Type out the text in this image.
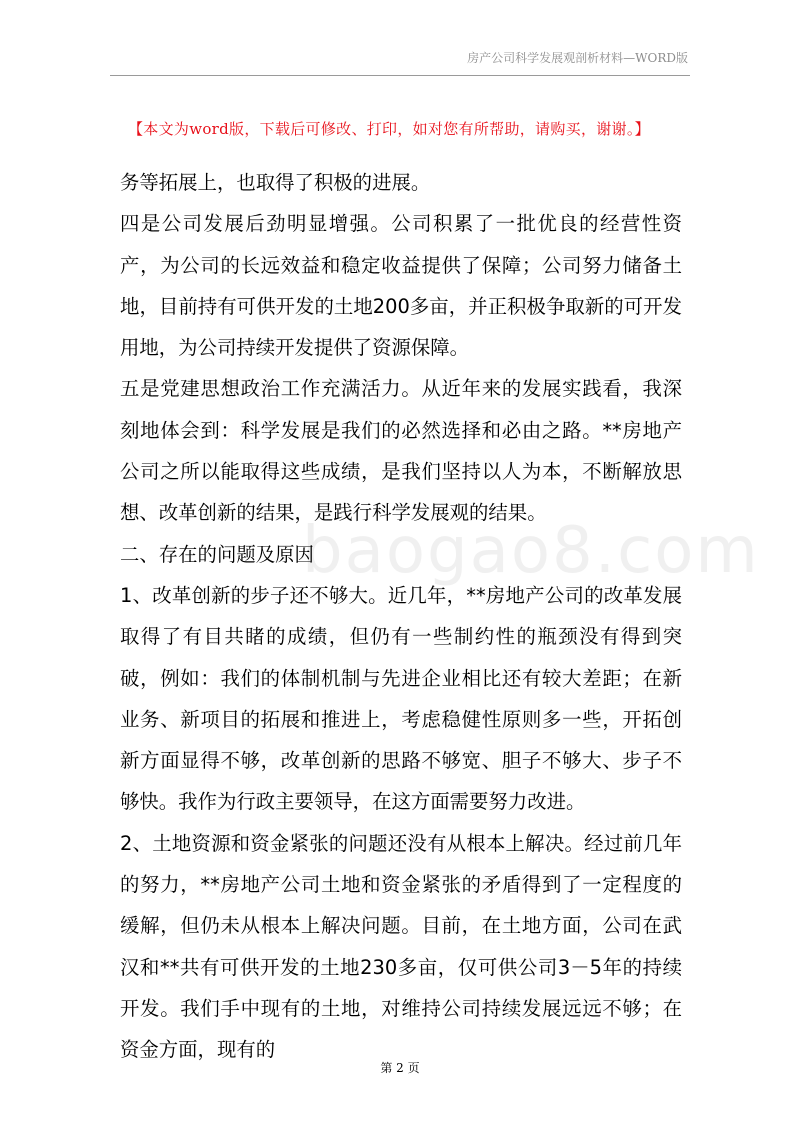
房产公司科学发展观剖析材料—WORD版
【本文为word版，下载后可修改、打印，如对您有所帮助，请购买，谢谢。】
baogao8.com

务等拓展上，也取得了积极的进展。

四是公司发展后劲明显增强。公司积累了一批优良的经营性资产，为公司的长远效益和稳定收益提供了保障；公司努力储备土地，目前持有可供开发的土地200多亩，并正积极争取新的可开发用地，为公司持续开发提供了资源保障。

五是党建思想政治工作充满活力。从近年来的发展实践看，我深刻地体会到：科学发展是我们的必然选择和必由之路。**房地产公司之所以能取得这些成绩，是我们坚持以人为本，不断解放思想、改革创新的结果，是践行科学发展观的结果。

二、存在的问题及原因

1、改革创新的步子还不够大。近几年，**房地产公司的改革发展取得了有目共睹的成绩，但仍有一些制约性的瓶颈没有得到突破，例如：我们的体制机制与先进企业相比还有较大差距；在新业务、新项目的拓展和推进上，考虑稳健性原则多一些，开拓创新方面显得不够，改革创新的思路不够宽、胆子不够大、步子不够快。我作为行政主要领导，在这方面需要努力改进。

2、土地资源和资金紧张的问题还没有从根本上解决。经过前几年的努力，**房地产公司土地和资金紧张的矛盾得到了一定程度的缓解，但仍未从根本上解决问题。目前，在土地方面，公司在武汉和**共有可供开发的土地230多亩，仅可供公司3－5年的持续开发。我们手中现有的土地，对维持公司持续发展远远不够；在资金方面，现有的

第 2 页
